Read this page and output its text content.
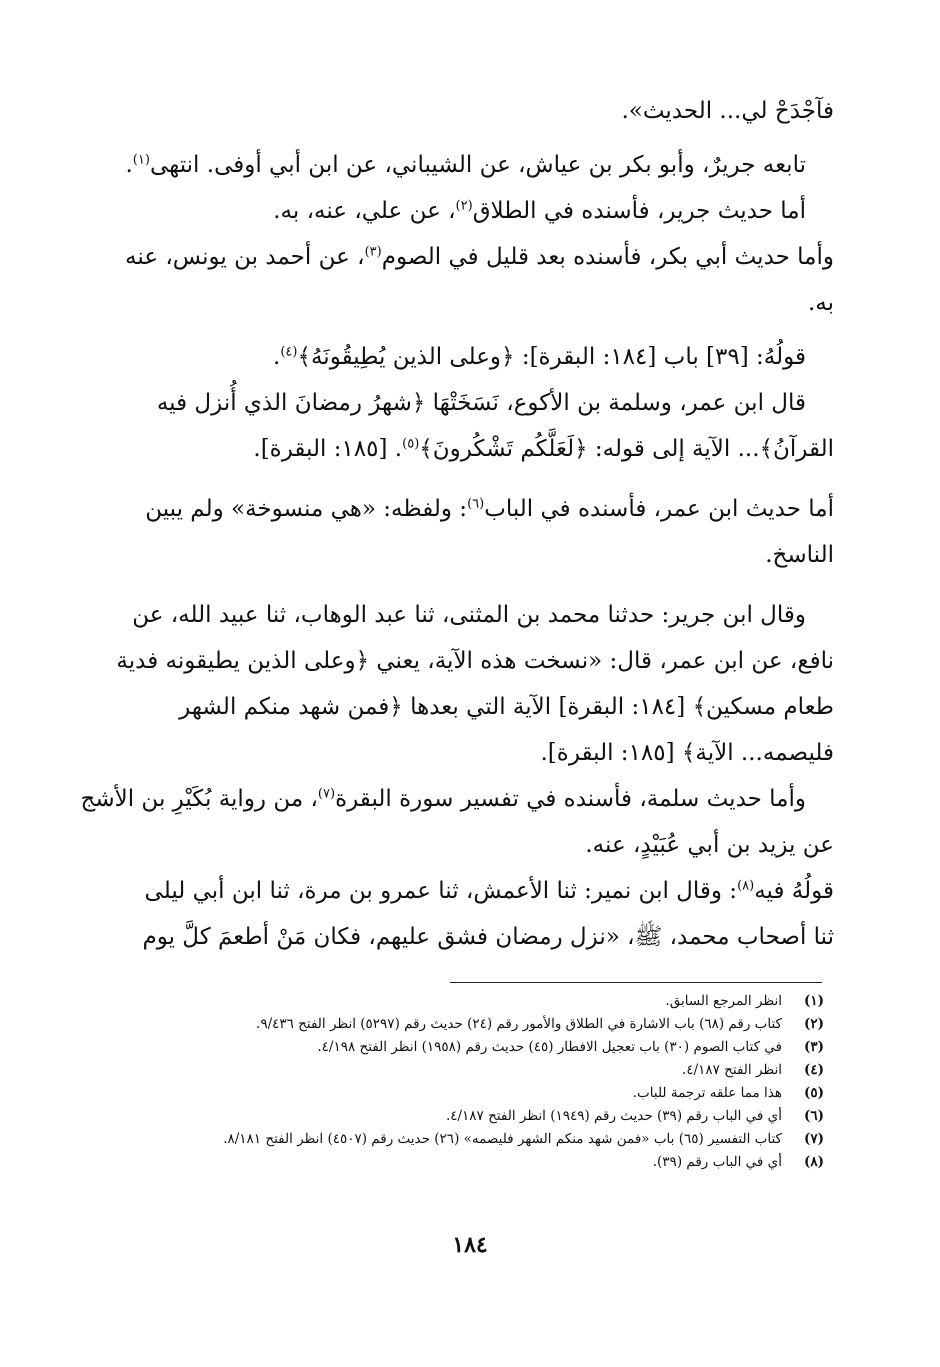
فآجْدَحْ لي... الحديث».
تابعه جريرٌ، وأبو بكر بن عياش، عن الشيباني، عن ابن أبي أوفى. انتهى$^{(١)}$.
أما حديث جرير، فأسنده في الطلاق$^{(٢)}$، عن علي، عنه، به.
وأما حديث أبي بكر، فأسنده بعد قليل في الصوم$^{(٣)}$، عن أحمد بن يونس، عنه
به.
قولُهُ: [٣٩] باب [١٨٤: البقرة]: ﴿وعلى الذين يُطِيقُونَهُ﴾$^{(٤)}$.
قال ابن عمر، وسلمة بن الأكوع، نَسَخَتْهَا ﴿شهرُ رمضانَ الذي أُنزل فيه
القرآنُ﴾... الآية إلى قوله: ﴿لَعَلَّكُم تَشْكُرونَ﴾$^{(٥)}$. [١٨٥: البقرة].
أما حديث ابن عمر، فأسنده في الباب$^{(٦)}$: ولفظه: «هي منسوخة» ولم يبين
الناسخ.
وقال ابن جرير: حدثنا محمد بن المثنى، ثنا عبد الوهاب، ثنا عبيد الله، عن
نافع، عن ابن عمر، قال: «نسخت هذه الآية، يعني ﴿وعلى الذين يطيقونه فدية
طعام مسكين﴾ [١٨٤: البقرة] الآية التي بعدها ﴿فمن شهد منكم الشهر
فليصمه... الآية﴾ [١٨٥: البقرة].
وأما حديث سلمة، فأسنده في تفسير سورة البقرة$^{(٧)}$، من رواية بُكَيْرِ بن الأشج
عن يزيد بن أبي عُبَيْدٍ، عنه.
قولُهُ فيه$^{(٨)}$: وقال ابن نمير: ثنا الأعمش، ثنا عمرو بن مرة، ثنا ابن أبي ليلى
ثنا أصحاب محمد، ﷺ، «نزل رمضان فشق عليهم، فكان مَنْ أطعمَ كلَّ يوم
(١)
انظر المرجع السابق.
(٢)
كتاب رقم (٦٨) باب الاشارة في الطلاق والأمور رقم (٢٤) حديث رقم (٥٢٩٧) انظر الفتح ٩/٤٣٦.
(٣)
في كتاب الصوم (٣٠) باب تعجيل الافطار (٤٥) حديث رقم (١٩٥٨) انظر الفتح ٤/١٩٨.
(٤)
انظر الفتح ٤/١٨٧.
(٥)
هذا مما علقه ترجمة للباب.
(٦)
أي في الباب رقم (٣٩) حديث رقم (١٩٤٩) انظر الفتح ٤/١٨٧.
(٧)
كتاب التفسير (٦٥) باب «فمن شهد منكم الشهر فليصمه» (٢٦) حديث رقم (٤٥٠٧) انظر الفتح ٨/١٨١.
(٨)
أي في الباب رقم (٣٩).
١٨٤
